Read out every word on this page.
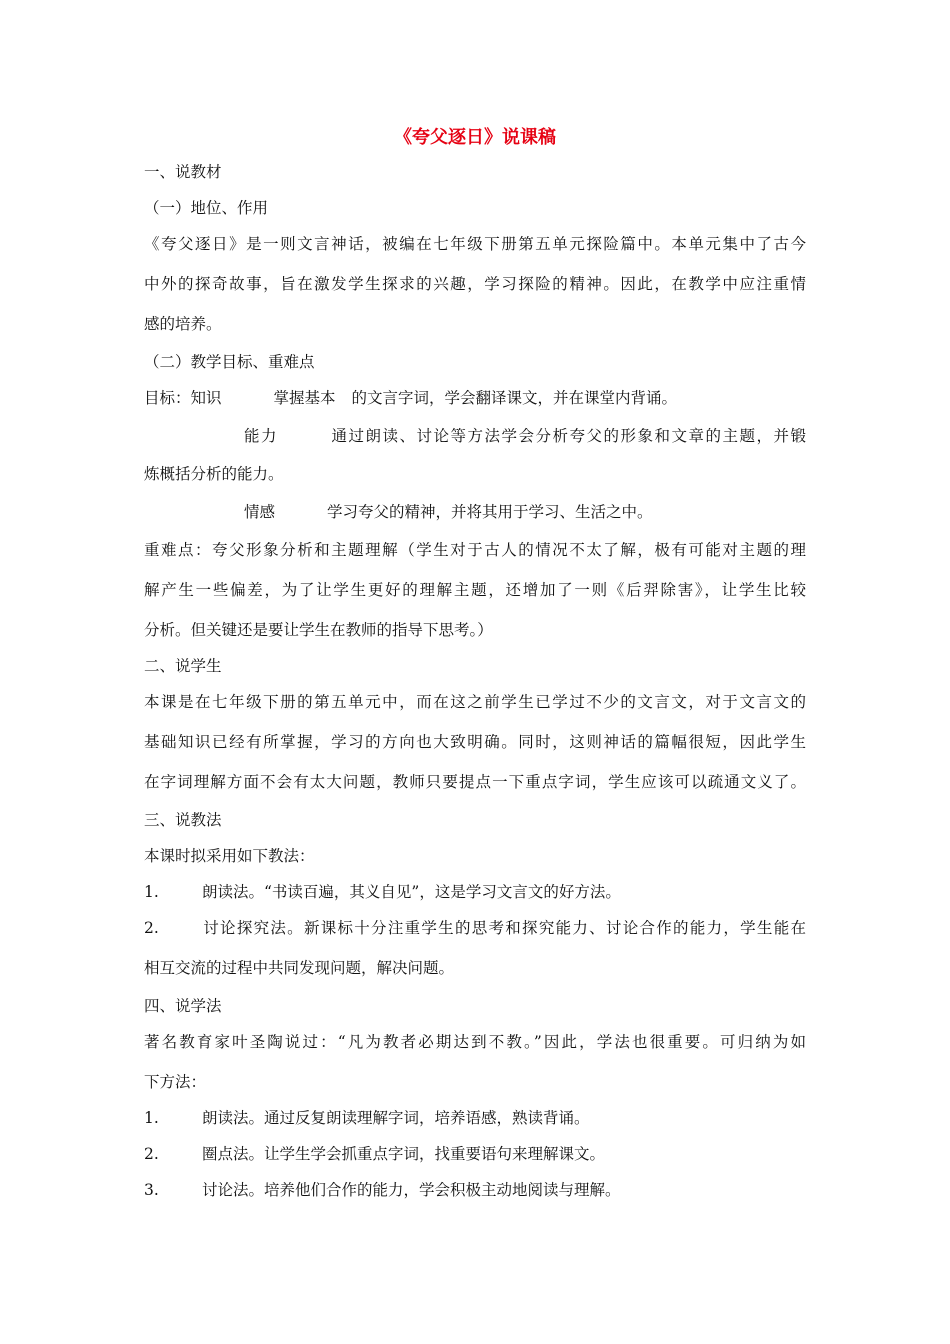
《夸父逐日》说课稿
一、说教材
（一）地位、作用
《夸父逐日》是一则文言神话，被编在七年级下册第五单元探险篇中。本单元集中了古今
中外的探奇故事，旨在激发学生探求的兴趣，学习探险的精神。因此，在教学中应注重情
感的培养。
（二）教学目标、重难点
目标：知识	掌握基本 的文言字词，学会翻译课文，并在课堂内背诵。
能力	通过朗读、讨论等方法学会分析夸父的形象和文章的主题，并锻
炼概括分析的能力。
情感	学习夸父的精神，并将其用于学习、生活之中。
重难点：夸父形象分析和主题理解（学生对于古人的情况不太了解，极有可能对主题的理
解产生一些偏差，为了让学生更好的理解主题，还增加了一则《后羿除害》，让学生比较
分析。但关键还是要让学生在教师的指导下思考。）
二、说学生
本课是在七年级下册的第五单元中，而在这之前学生已学过不少的文言文，对于文言文的
基础知识已经有所掌握，学习的方向也大致明确。同时，这则神话的篇幅很短，因此学生
在字词理解方面不会有太大问题，教师只要提点一下重点字词，学生应该可以疏通文义了。
三、说教法
本课时拟采用如下教法：
1.	朗读法。“书读百遍，其义自见”，这是学习文言文的好方法。
2.	讨论探究法。新课标十分注重学生的思考和探究能力、讨论合作的能力，学生能在
相互交流的过程中共同发现问题，解决问题。
四、说学法
著名教育家叶圣陶说过：“凡为教者必期达到不教。”因此，学法也很重要。可归纳为如
下方法：
1.	朗读法。通过反复朗读理解字词，培养语感，熟读背诵。
2.	圈点法。让学生学会抓重点字词，找重要语句来理解课文。
3.	讨论法。培养他们合作的能力，学会积极主动地阅读与理解。
